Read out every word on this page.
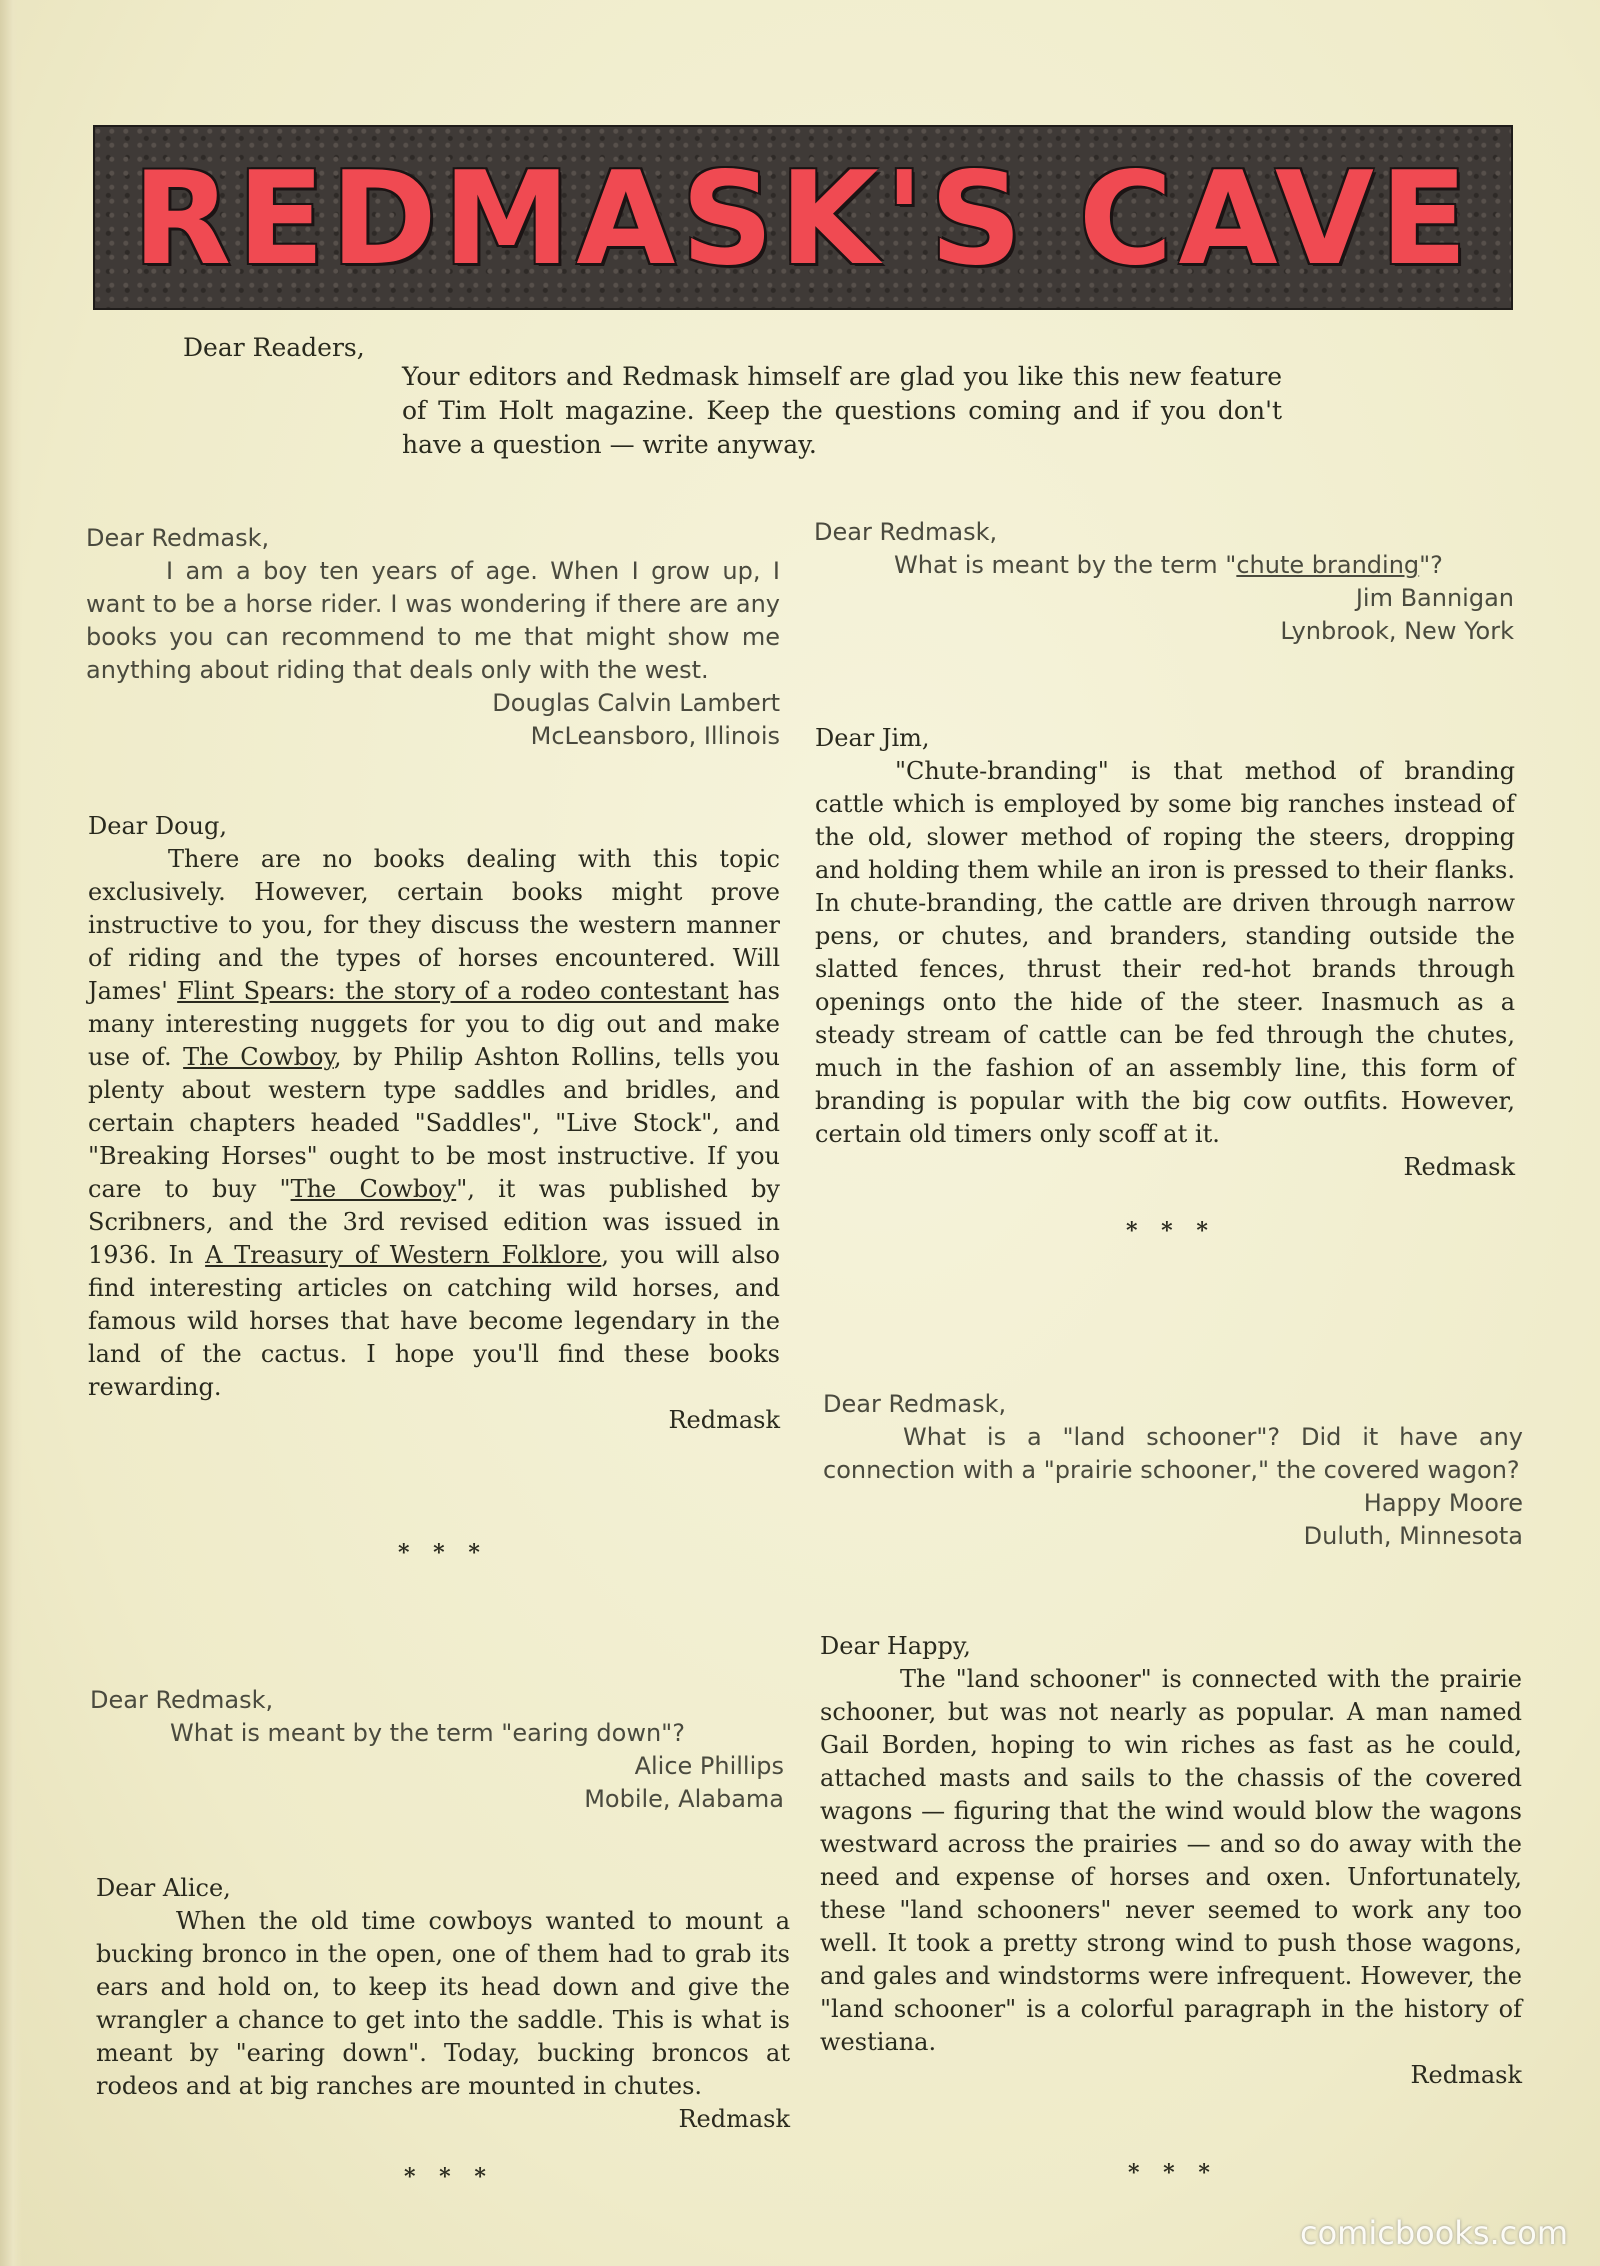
REDMASK'S CAVE
Dear Readers,
Your editors and Redmask himself are glad you like this new feature of Tim Holt magazine. Keep the questions coming and if you don't have a question — write anyway.

Dear Redmask,

I am a boy ten years of age. When I grow up, I want to be a horse rider. I was wondering if there are any books you can recommend to me that might show me anything about riding that deals only with the west.

Douglas Calvin Lambert

McLeansboro, Illinois

Dear Doug,

There are no books dealing with this topic exclusively. However, certain books might prove instructive to you, for they discuss the western manner of riding and the types of horses encountered. Will James' Flint Spears: the story of a rodeo contestant has many interesting nuggets for you to dig out and make use of. The Cowboy, by Philip Ashton Rollins, tells you plenty about western type saddles and bridles, and certain chapters headed "Saddles", "Live Stock", and "Breaking Horses" ought to be most instructive. If you care to buy "The Cowboy", it was published by Scribners, and the 3rd revised edition was issued in 1936. In A Treasury of Western Folklore, you will also find interesting articles on catching wild horses, and famous wild horses that have become legendary in the land of the cactus. I hope you'll find these books rewarding.

Redmask

* * *

Dear Redmask,

What is meant by the term "earing down"?

Alice Phillips

Mobile, Alabama

Dear Alice,

When the old time cowboys wanted to mount a bucking bronco in the open, one of them had to grab its ears and hold on, to keep its head down and give the wrangler a chance to get into the saddle. This is what is meant by "earing down". Today, bucking broncos at rodeos and at big ranches are mounted in chutes.

Redmask

* * *

Dear Redmask,

What is meant by the term "chute branding"?

Jim Bannigan

Lynbrook, New York

Dear Jim,

"Chute-branding" is that method of branding cattle which is employed by some big ranches instead of the old, slower method of roping the steers, dropping and holding them while an iron is pressed to their flanks. In chute-branding, the cattle are driven through narrow pens, or chutes, and branders, standing outside the slatted fences, thrust their red-hot brands through openings onto the hide of the steer. Inasmuch as a steady stream of cattle can be fed through the chutes, much in the fashion of an assembly line, this form of branding is popular with the big cow outfits. However, certain old timers only scoff at it.

Redmask

* * *

Dear Redmask,

What is a "land schooner"? Did it have any connection with a "prairie schooner," the covered wagon?

Happy Moore

Duluth, Minnesota

Dear Happy,

The "land schooner" is connected with the prairie schooner, but was not nearly as popular. A man named Gail Borden, hoping to win riches as fast as he could, attached masts and sails to the chassis of the covered wagons — figuring that the wind would blow the wagons westward across the prairies — and so do away with the need and expense of horses and oxen. Unfortunately, these "land schooners" never seemed to work any too well. It took a pretty strong wind to push those wagons, and gales and windstorms were infrequent. However, the "land schooner" is a colorful paragraph in the history of westiana.

Redmask

* * *
comicbooks.com
